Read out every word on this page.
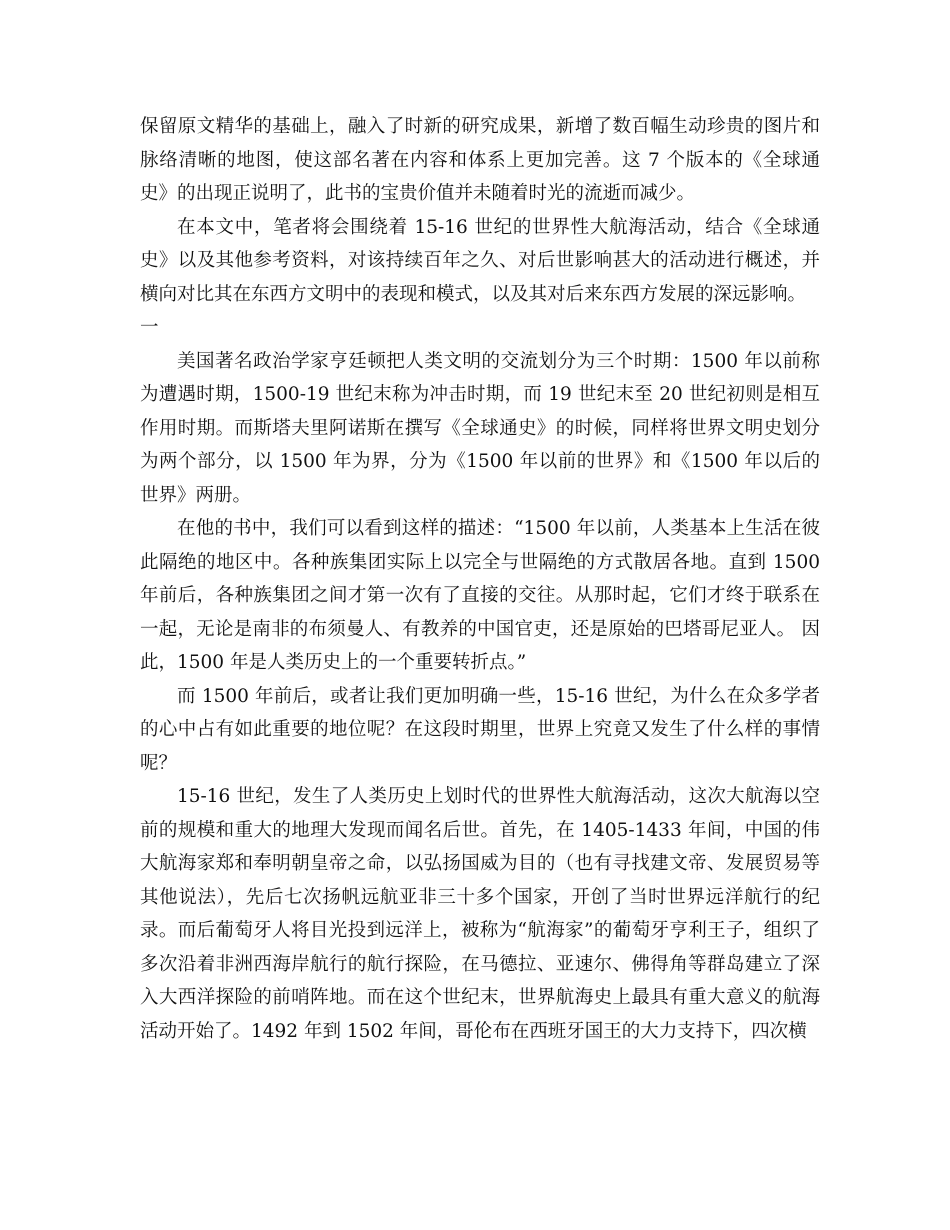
保留原文精华的基础上，融入了时新的研究成果，新增了数百幅生动珍贵的图片和脉络清晰的地图，使这部名著在内容和体系上更加完善。这 7 个版本的《全球通史》的出现正说明了，此书的宝贵价值并未随着时光的流逝而减少。

在本文中，笔者将会围绕着 15-16 世纪的世界性大航海活动，结合《全球通史》以及其他参考资料，对该持续百年之久、对后世影响甚大的活动进行概述，并横向对比其在东西方文明中的表现和模式，以及其对后来东西方发展的深远影响。

一

美国著名政治学家亨廷顿把人类文明的交流划分为三个时期：1500 年以前称为遭遇时期，1500-19 世纪末称为冲击时期，而 19 世纪末至 20 世纪初则是相互作用时期。而斯塔夫里阿诺斯在撰写《全球通史》的时候，同样将世界文明史划分为两个部分，以 1500 年为界，分为《1500 年以前的世界》和《1500 年以后的世界》两册。

在他的书中，我们可以看到这样的描述：“1500 年以前，人类基本上生活在彼此隔绝的地区中。各种族集团实际上以完全与世隔绝的方式散居各地。直到 1500 年前后，各种族集团之间才第一次有了直接的交往。从那时起，它们才终于联系在一起，无论是南非的布须曼人、有教养的中国官吏，还是原始的巴塔哥尼亚人。 因此，1500 年是人类历史上的一个重要转折点。”

而 1500 年前后，或者让我们更加明确一些，15-16 世纪，为什么在众多学者的心中占有如此重要的地位呢？在这段时期里，世界上究竟又发生了什么样的事情呢？

15-16 世纪，发生了人类历史上划时代的世界性大航海活动，这次大航海以空前的规模和重大的地理大发现而闻名后世。首先，在 1405-1433 年间，中国的伟大航海家郑和奉明朝皇帝之命，以弘扬国威为目的（也有寻找建文帝、发展贸易等其他说法），先后七次扬帆远航亚非三十多个国家，开创了当时世界远洋航行的纪录。而后葡萄牙人将目光投到远洋上，被称为“航海家”的葡萄牙亨利王子，组织了多次沿着非洲西海岸航行的航行探险，在马德拉、亚速尔、佛得角等群岛建立了深入大西洋探险的前哨阵地。而在这个世纪末，世界航海史上最具有重大意义的航海活动开始了。1492 年到 1502 年间，哥伦布在西班牙国王的大力支持下，四次横
